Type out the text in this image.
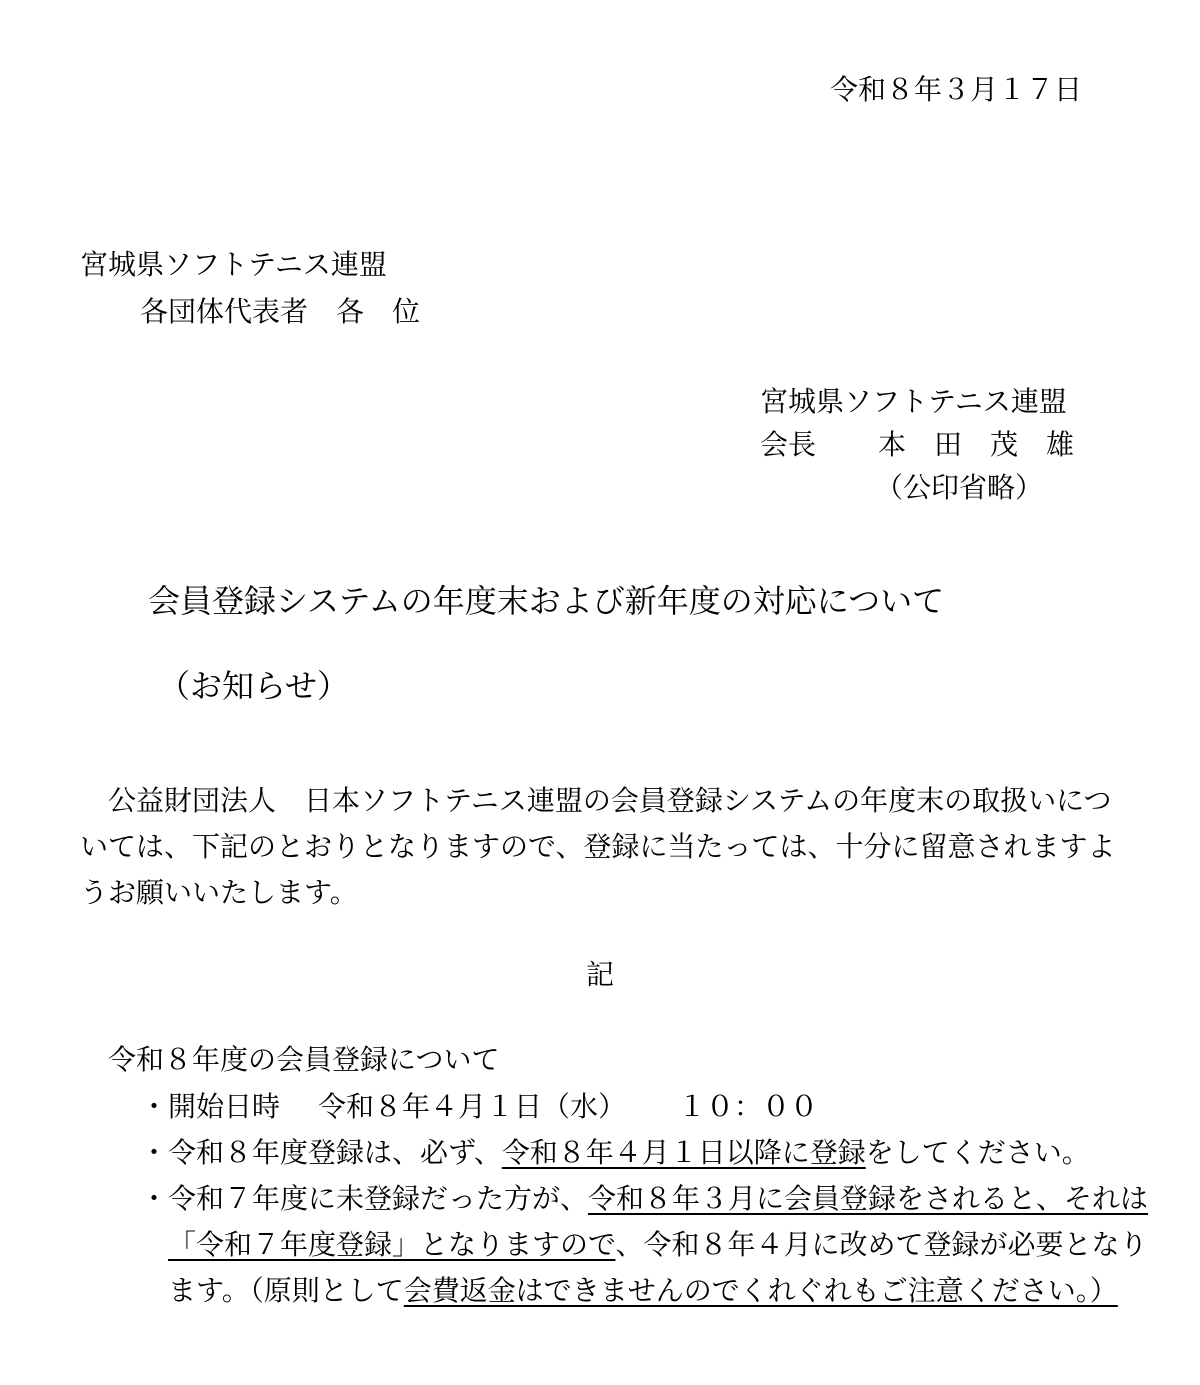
令和８年３月１７日
宮城県ソフトテニス連盟
各団体代表者　各　位
宮城県ソフトテニス連盟
会長 本　田　茂　雄
（公印省略）
会員登録システムの年度末および新年度の対応について
（お知らせ）
公益財団法人　日本ソフトテニス連盟の会員登録システムの年度末の取扱いについては、下記のとおりとなりますので、登録に当たっては、十分に留意されますようお願いいたします。
記
令和８年度の会員登録について
・開始日時 令和８年４月１日（水） １０：００
・令和８年度登録は、必ず、令和８年４月１日以降に登録をしてください。
・令和７年度に未登録だった方が、令和８年３月に会員登録をされると、それは「令和７年度登録」となりますので、令和８年４月に改めて登録が必要となります。（原則として会費返金はできませんのでくれぐれもご注意ください。）
